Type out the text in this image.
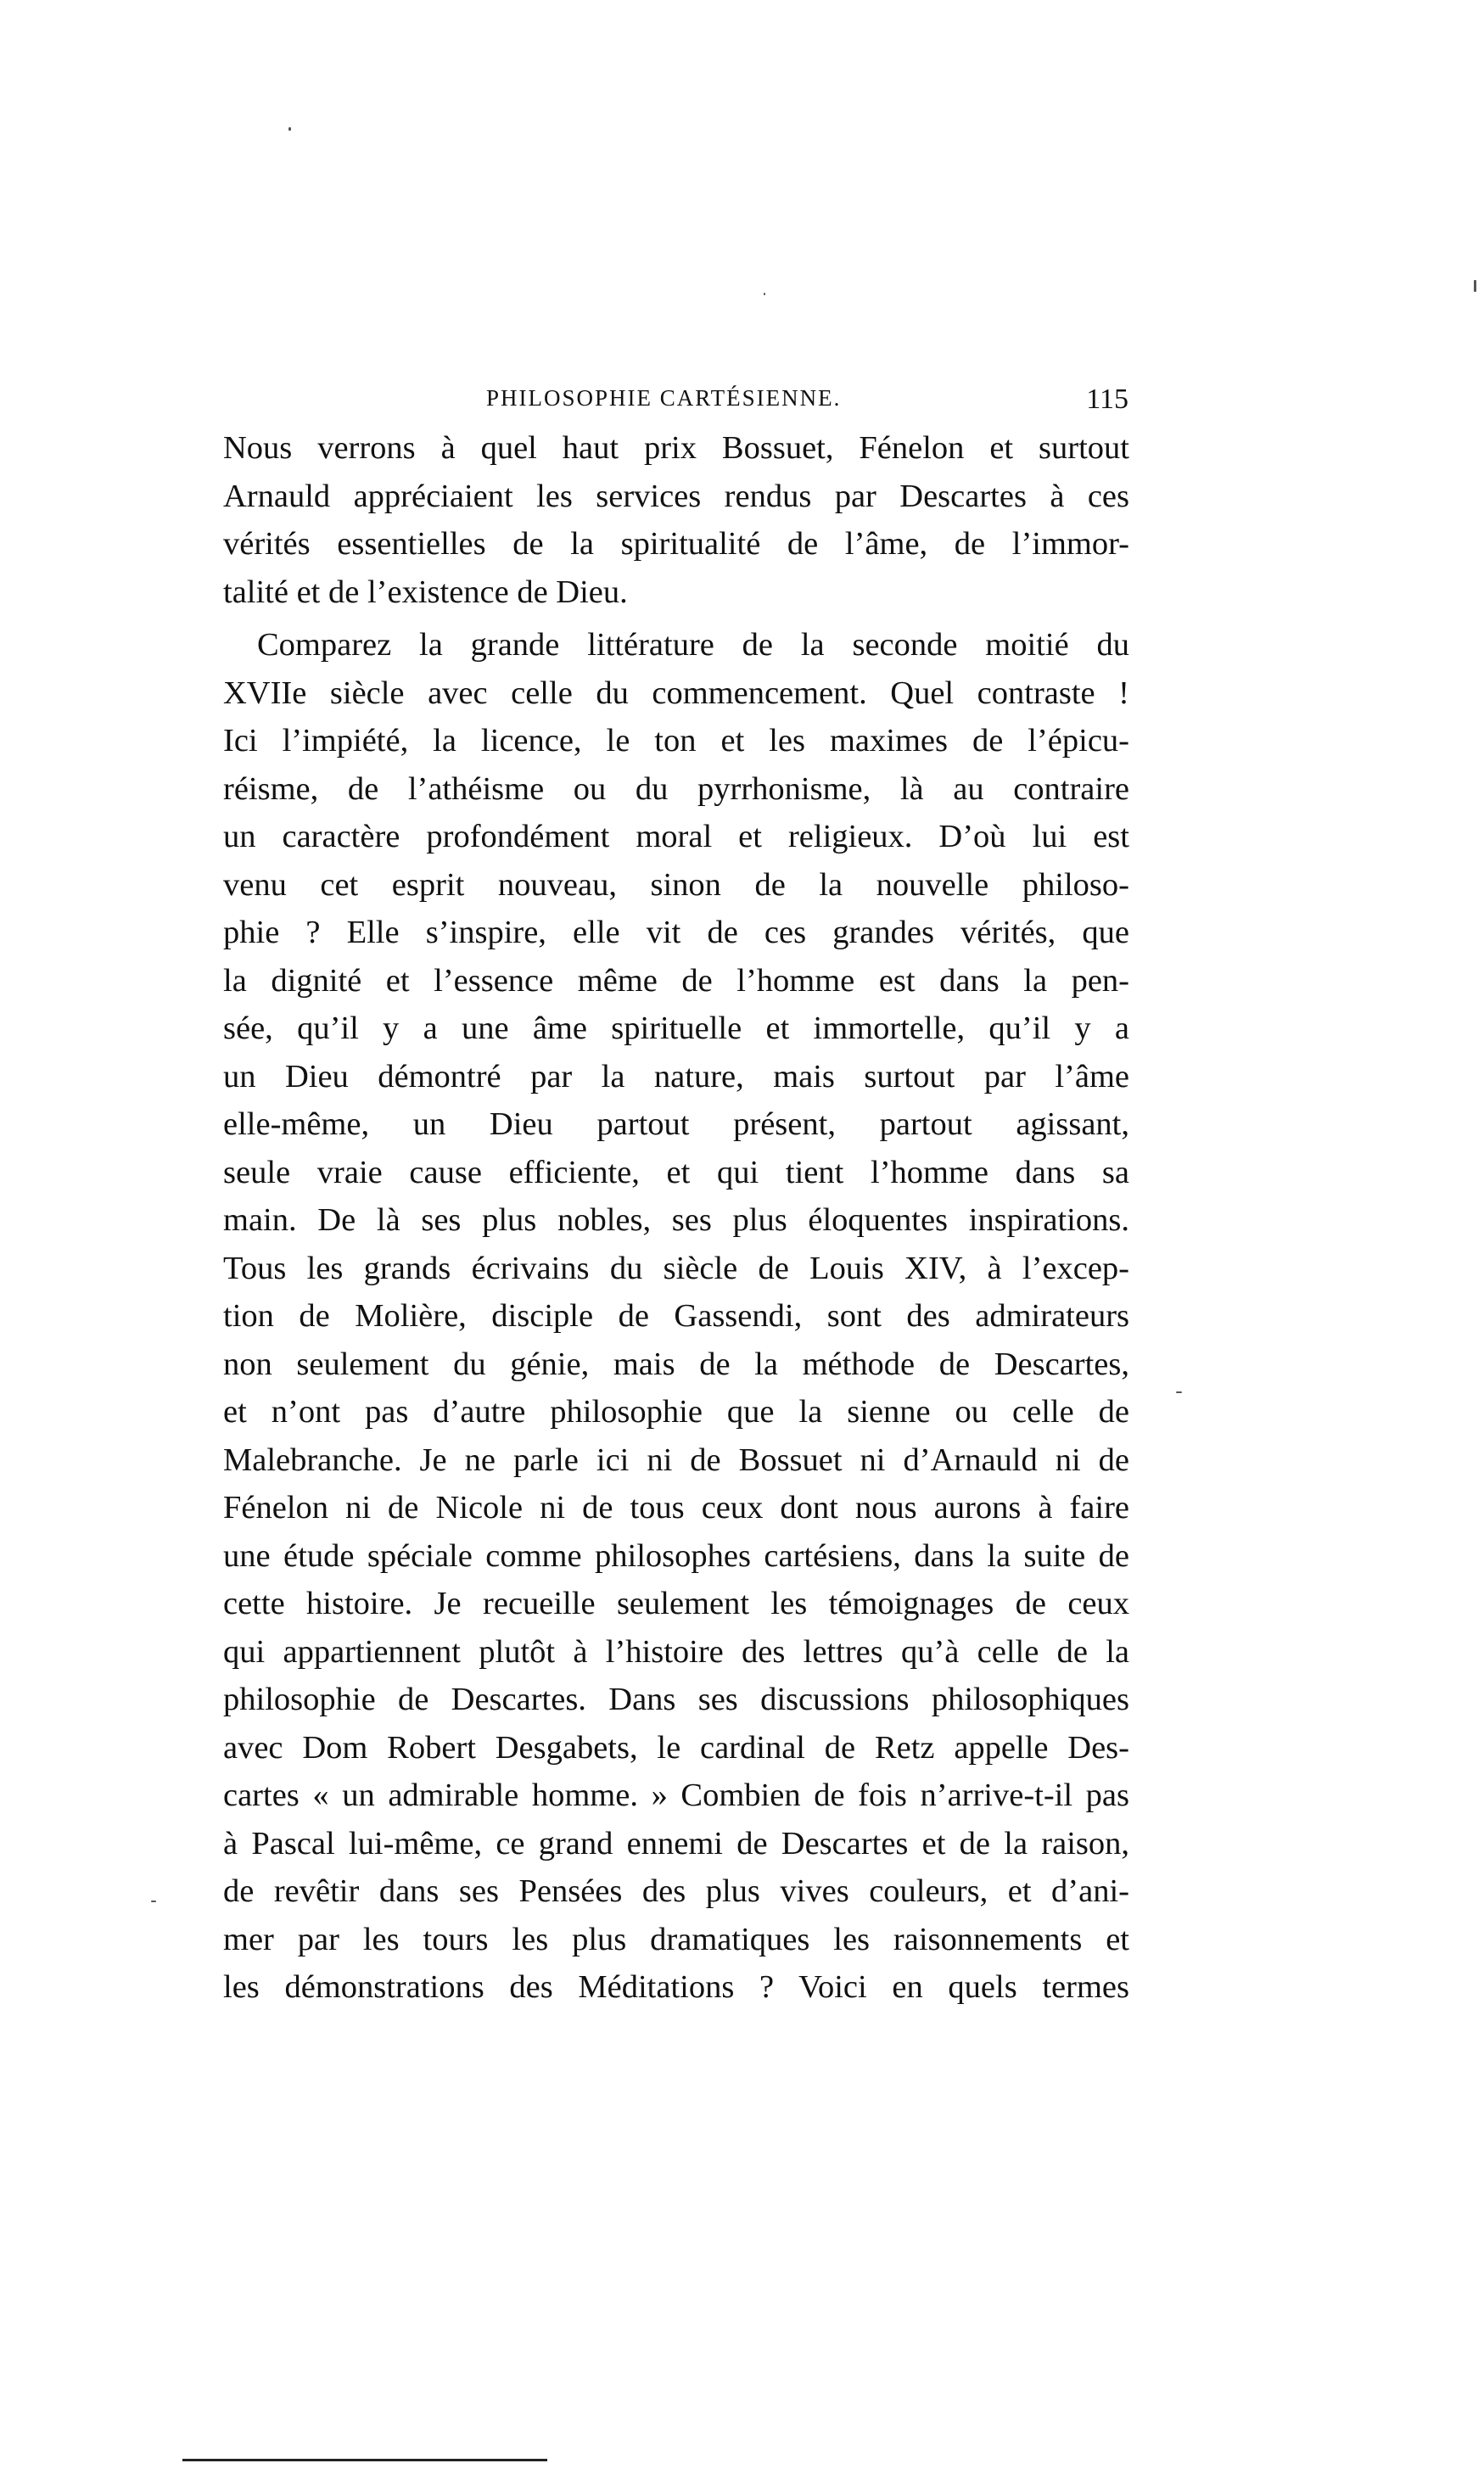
PHILOSOPHIE CARTÉSIENNE.	115
Nous verrons à quel haut prix Bossuet, Fénelon et surtout
Arnauld appréciaient les services rendus par Descartes à ces
vérités essentielles de la spiritualité de l’âme, de l’immor-
talité et de l’existence de Dieu.
Comparez la grande littérature de la seconde moitié du
XVIIe siècle avec celle du commencement. Quel contraste !
Ici l’impiété, la licence, le ton et les maximes de l’épicu-
réisme, de l’athéisme ou du pyrrhonisme, là au contraire
un caractère profondément moral et religieux. D’où lui est
venu cet esprit nouveau, sinon de la nouvelle philoso-
phie ? Elle s’inspire, elle vit de ces grandes vérités, que
la dignité et l’essence même de l’homme est dans la pen-
sée, qu’il y a une âme spirituelle et immortelle, qu’il y a
un Dieu démontré par la nature, mais surtout par l’âme
elle-même, un Dieu partout présent, partout agissant,
seule vraie cause efficiente, et qui tient l’homme dans sa
main. De là ses plus nobles, ses plus éloquentes inspirations.
Tous les grands écrivains du siècle de Louis XIV, à l’excep-
tion de Molière, disciple de Gassendi, sont des admirateurs
non seulement du génie, mais de la méthode de Descartes,
et n’ont pas d’autre philosophie que la sienne ou celle de
Malebranche. Je ne parle ici ni de Bossuet ni d’Arnauld ni de
Fénelon ni de Nicole ni de tous ceux dont nous aurons à faire
une étude spéciale comme philosophes cartésiens, dans la suite de
cette histoire. Je recueille seulement les témoignages de ceux
qui appartiennent plutôt à l’histoire des lettres qu’à celle de la
philosophie de Descartes. Dans ses discussions philosophiques
avec Dom Robert Desgabets, le cardinal de Retz appelle Des-
cartes « un admirable homme. » Combien de fois n’arrive-t-il pas
à Pascal lui-même, ce grand ennemi de Descartes et de la raison,
de revêtir dans ses Pensées des plus vives couleurs, et d’ani-
mer par les tours les plus dramatiques les raisonnements et
les démonstrations des Méditations ? Voici en quels termes
